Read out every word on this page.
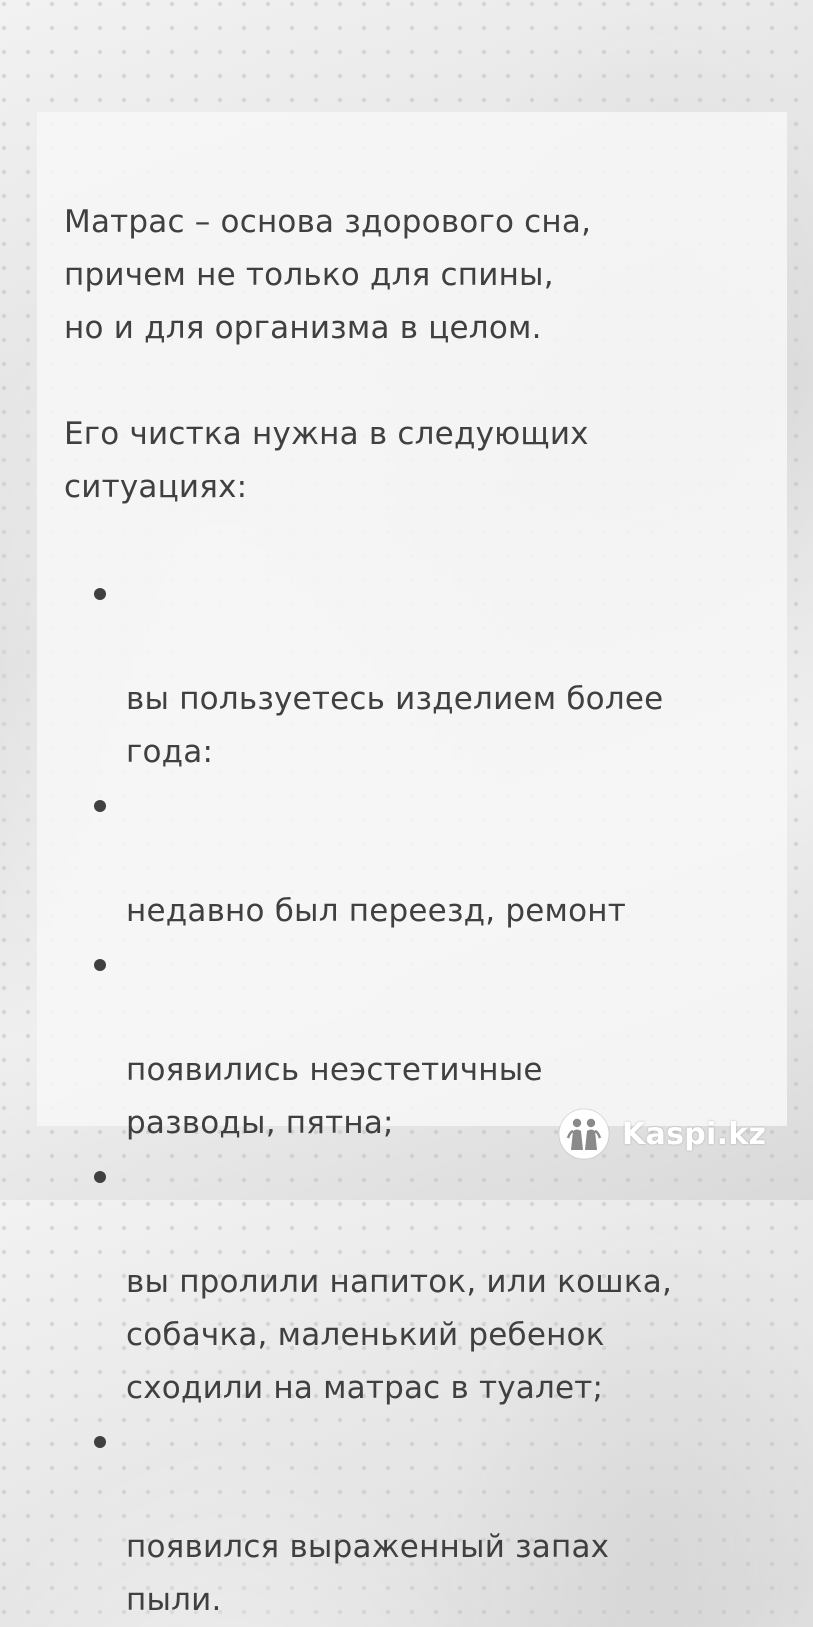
Матрас – основа здорового сна,
причем не только для спины,
но и для организма в целом.

Его чистка нужна в следующих
ситуациях:

вы пользуетесь изделием более
года:

недавно был переезд, ремонт

появились неэстетичные
разводы, пятна;

вы пролили напиток, или кошка,
собачка, маленький ребенок
сходили на матрас в туалет;

появился выраженный запах
пыли.

Kaspi.kz
